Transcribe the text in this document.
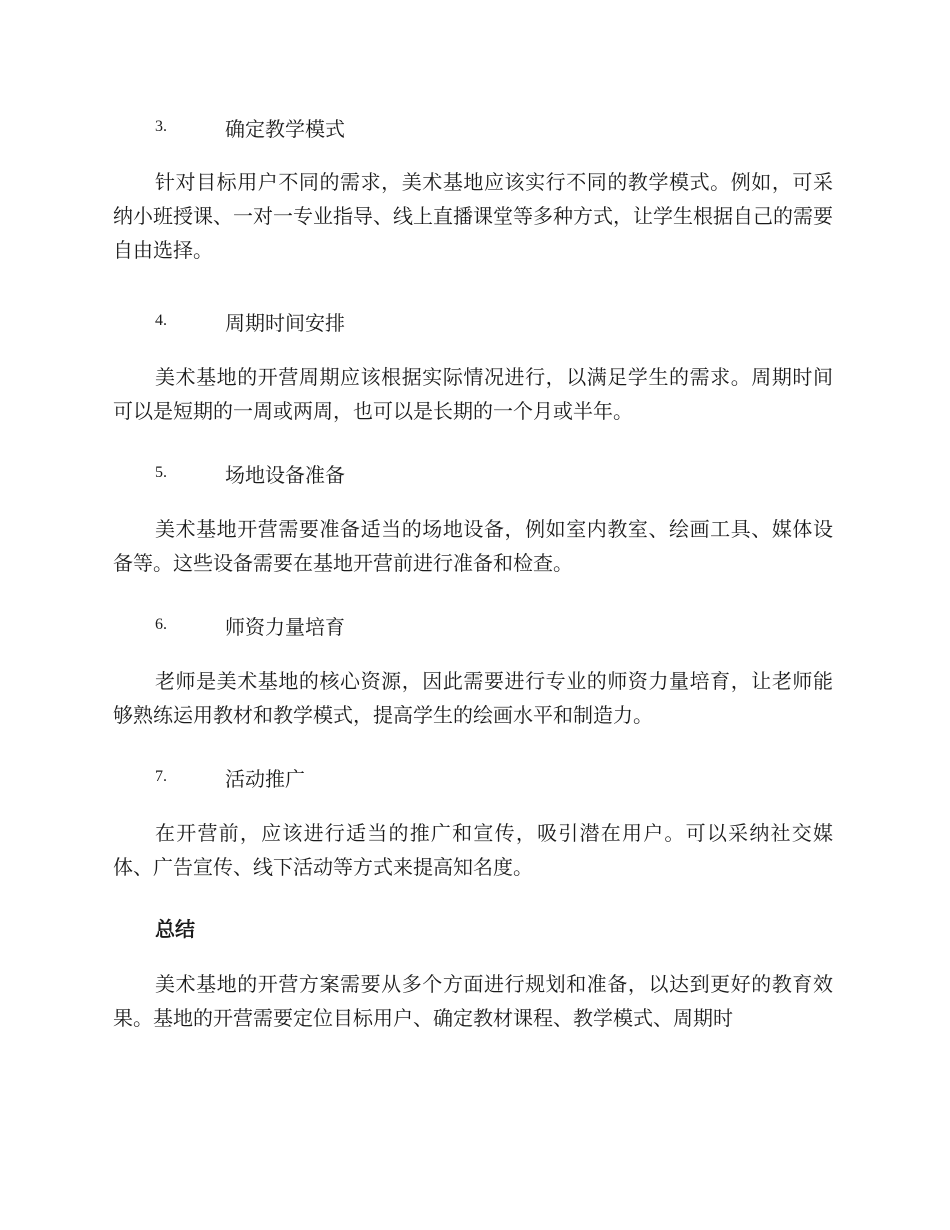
3.	确定教学模式
针对目标用户不同的需求，美术基地应该实行不同的教学模式。例如，可采纳小班授课、一对一专业指导、线上直播课堂等多种方式，让学生根据自己的需要自由选择。
4.	周期时间安排
美术基地的开营周期应该根据实际情况进行，以满足学生的需求。周期时间可以是短期的一周或两周，也可以是长期的一个月或半年。
5.	场地设备准备
美术基地开营需要准备适当的场地设备，例如室内教室、绘画工具、媒体设备等。这些设备需要在基地开营前进行准备和检查。
6.	师资力量培育
老师是美术基地的核心资源，因此需要进行专业的师资力量培育，让老师能够熟练运用教材和教学模式，提高学生的绘画水平和制造力。
7.	活动推广
在开营前，应该进行适当的推广和宣传，吸引潜在用户。可以采纳社交媒体、广告宣传、线下活动等方式来提高知名度。
总结
美术基地的开营方案需要从多个方面进行规划和准备，以达到更好的教育效果。基地的开营需要定位目标用户、确定教材课程、教学模式、周期时
